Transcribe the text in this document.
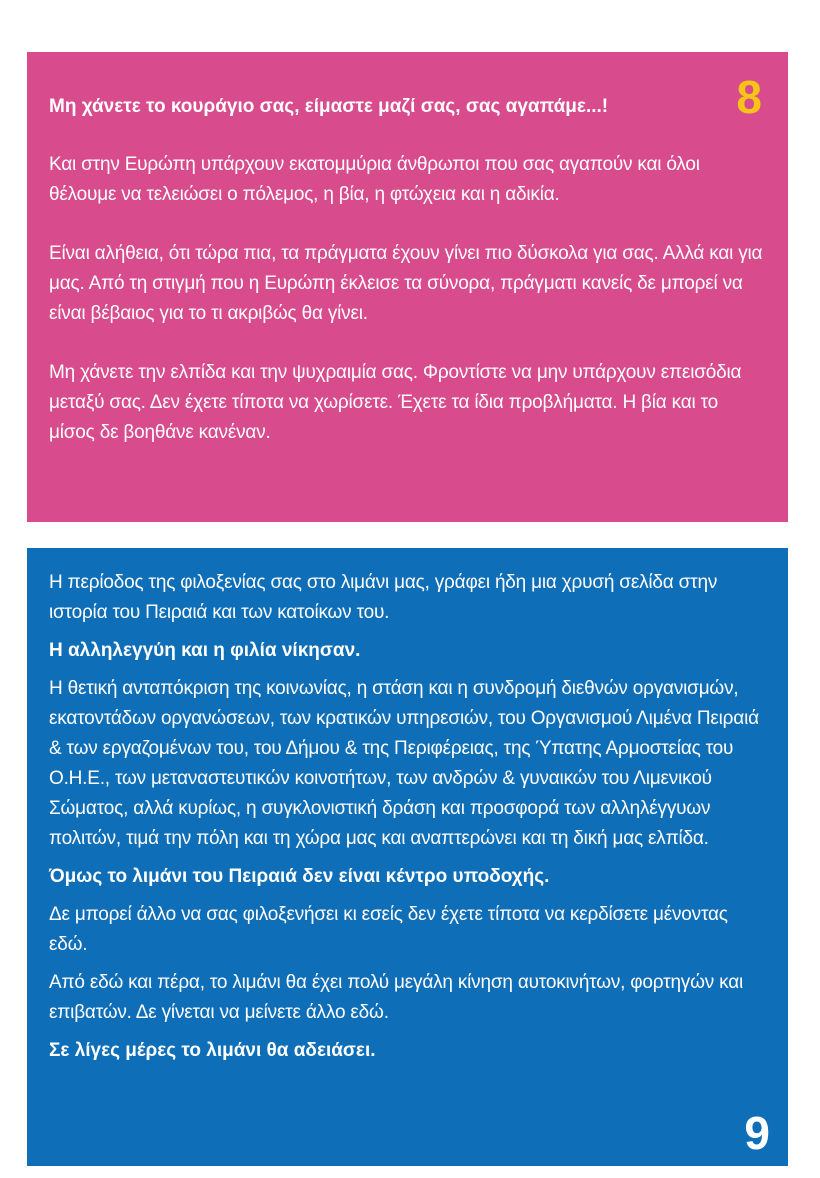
8

Μη χάνετε το κουράγιο σας, είμαστε μαζί σας, σας αγαπάμε...!

Και στην Ευρώπη υπάρχουν εκατομμύρια άνθρωποι που σας αγαπούν και όλοι θέλουμε να τελειώσει ο πόλεμος, η βία, η φτώχεια και η αδικία.

Είναι αλήθεια, ότι τώρα πια, τα πράγματα έχουν γίνει πιο δύσκολα για σας. Αλλά και για μας. Από τη στιγμή που η Ευρώπη έκλεισε τα σύνορα, πράγματι κανείς δε μπορεί να είναι βέβαιος για το τι ακριβώς θα γίνει.

Μη χάνετε την ελπίδα και την ψυχραιμία σας. Φροντίστε να μην υπάρχουν επεισόδια μεταξύ σας. Δεν έχετε τίποτα να χωρίσετε. Έχετε τα ίδια προβλήματα. Η βία και το μίσος δε βοηθάνε κανέναν.

Η περίοδος της φιλοξενίας σας στο λιμάνι μας, γράφει ήδη μια χρυσή σελίδα στην ιστορία του Πειραιά και των κατοίκων του.

Η αλληλεγγύη και η φιλία νίκησαν.

Η θετική ανταπόκριση της κοινωνίας, η στάση και η συνδρομή διεθνών οργανισμών, εκατοντάδων οργανώσεων, των κρατικών υπηρεσιών, του Οργανισμού Λιμένα Πειραιά & των εργαζομένων του, του Δήμου & της Περιφέρειας, της Ύπατης Αρμοστείας του Ο.Η.Ε., των μεταναστευτικών κοινοτήτων, των ανδρών & γυναικών του Λιμενικού Σώματος, αλλά κυρίως, η συγκλονιστική δράση και προσφορά των αλληλέγγυων πολιτών, τιμά την πόλη και τη χώρα μας και αναπτερώνει και τη δική μας ελπίδα.

Όμως το λιμάνι του Πειραιά δεν είναι κέντρο υποδοχής.

Δε μπορεί άλλο να σας φιλοξενήσει κι εσείς δεν έχετε τίποτα να κερδίσετε μένοντας εδώ.

Από εδώ και πέρα, το λιμάνι θα έχει πολύ μεγάλη κίνηση αυτοκινήτων, φορτηγών και επιβατών. Δε γίνεται να μείνετε άλλο εδώ.

Σε λίγες μέρες το λιμάνι θα αδειάσει.

9
